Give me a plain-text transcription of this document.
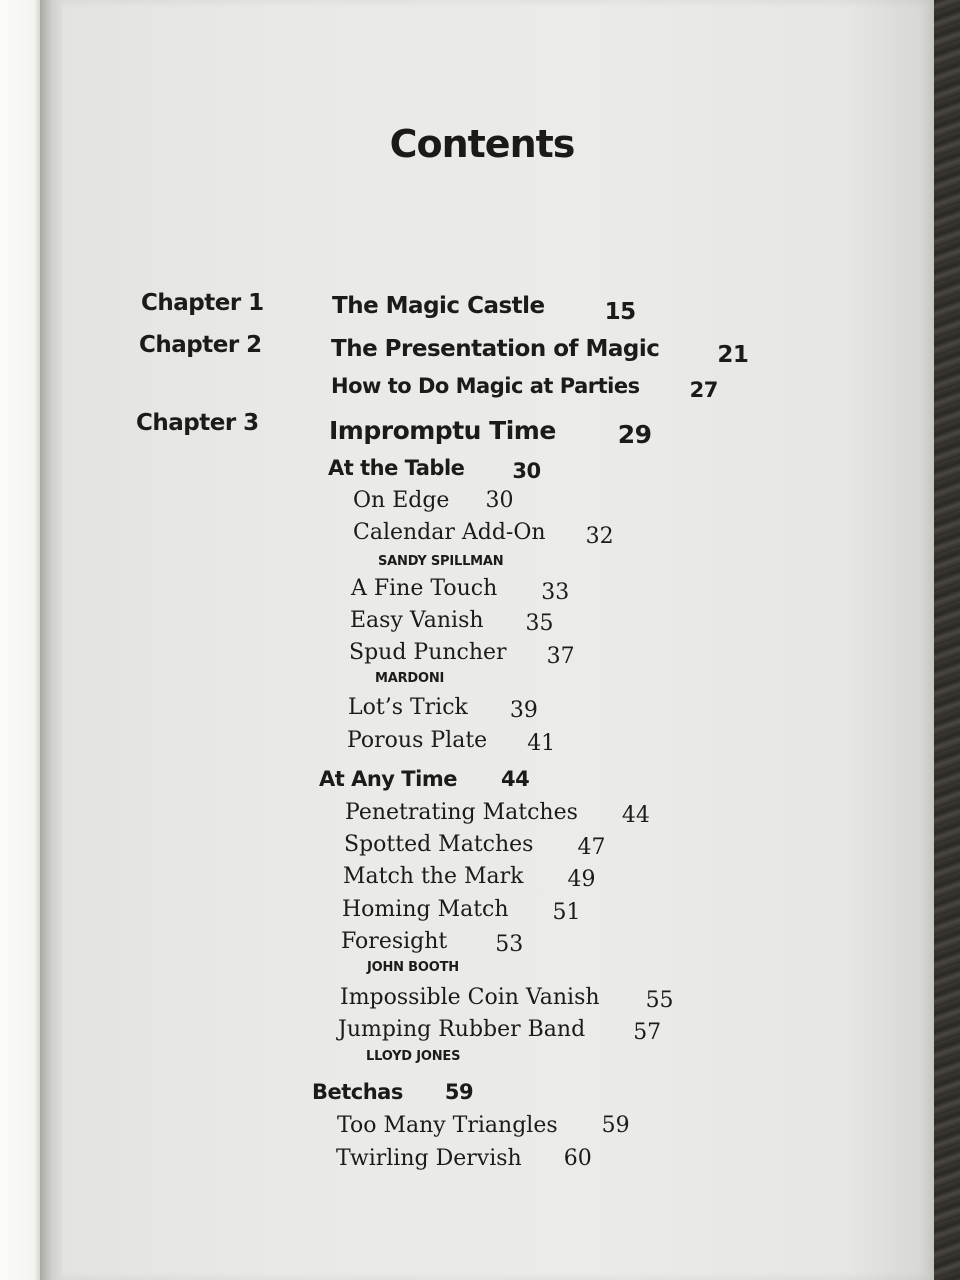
Contents
Chapter 1
Chapter 2
Chapter 3
The Magic Castle	15
The Presentation of Magic	21
How to Do Magic at Parties 27
Impromptu Time 29
At the Table 30
On Edge 30
Calendar Add-On 32
SANDY SPILLMAN
A Fine Touch 33
Easy Vanish 35
Spud Puncher 37
MARDONI
Lot’s Trick 39
Porous Plate 41
At Any Time 44
Penetrating Matches 44
Spotted Matches 47
Match the Mark 49
Homing Match 51
Foresight 53
JOHN BOOTH
Impossible Coin Vanish 55
Jumping Rubber Band 57
LLOYD JONES
Betchas 59
Too Many Triangles 59
Twirling Dervish 60
